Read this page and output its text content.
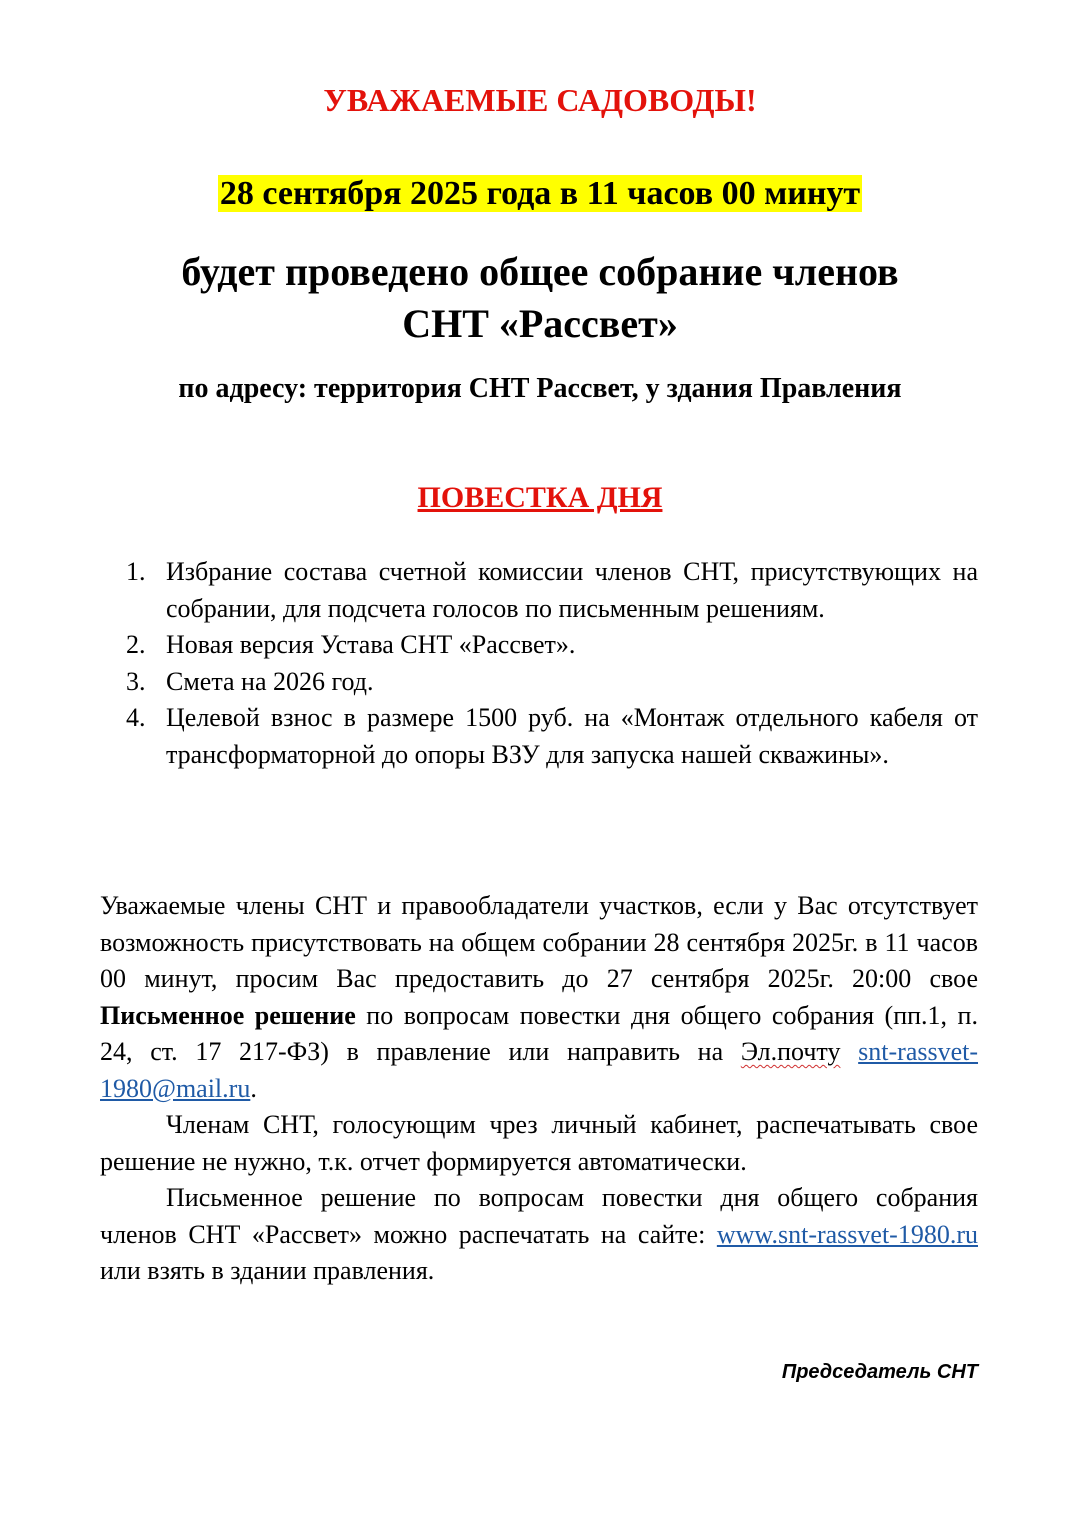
УВАЖАЕМЫЕ САДОВОДЫ!
28 сентября 2025 года в 11 часов 00 минут
будет проведено общее собрание членов
СНТ «Рассвет»
по адресу: территория СНТ Рассвет, у здания Правления
ПОВЕСТКА ДНЯ
1. Избрание состава счетной комиссии членов СНТ, присутствующих на собрании, для подсчета голосов по письменным решениям.
2. Новая версия Устава СНТ «Рассвет».
3. Смета на 2026 год.
4. Целевой взнос в размере 1500 руб. на «Монтаж отдельного кабеля от трансформаторной до опоры ВЗУ для запуска нашей скважины».

Уважаемые члены СНТ и правообладатели участков, если у Вас отсутствует возможность присутствовать на общем собрании 28 сентября 2025г. в 11 часов 00 минут, просим Вас предоставить до 27 сентября 2025г. 20:00 свое Письменное решение по вопросам повестки дня общего собрания (пп.1, п. 24, ст. 17 217-ФЗ) в правление или направить на Эл.почту snt-rassvet-1980@mail.ru.

Членам СНТ, голосующим чрез личный кабинет, распечатывать свое решение не нужно, т.к. отчет формируется автоматически.

Письменное решение по вопросам повестки дня общего собрания членов СНТ «Рассвет» можно распечатать на сайте: www.snt-rassvet-1980.ru или взять в здании правления.

Председатель СНТ
